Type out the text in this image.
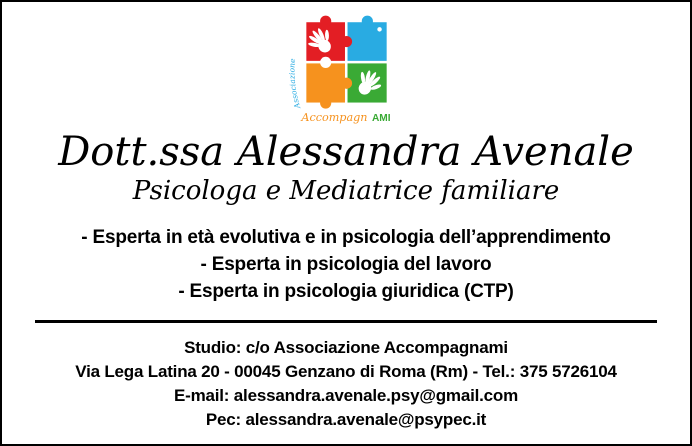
Associazione
Accompagn AMI
Dott.ssa Alessandra Avenale
Psicologa e Mediatrice familiare
- Esperta in età evolutiva e in psicologia dell’apprendimento
- Esperta in psicologia del lavoro
- Esperta in psicologia giuridica (CTP)
Studio: c/o Associazione Accompagnami
Via Lega Latina 20 - 00045 Genzano di Roma (Rm) - Tel.: 375 5726104
E-mail: alessandra.avenale.psy@gmail.com
Pec: alessandra.avenale@psypec.it
